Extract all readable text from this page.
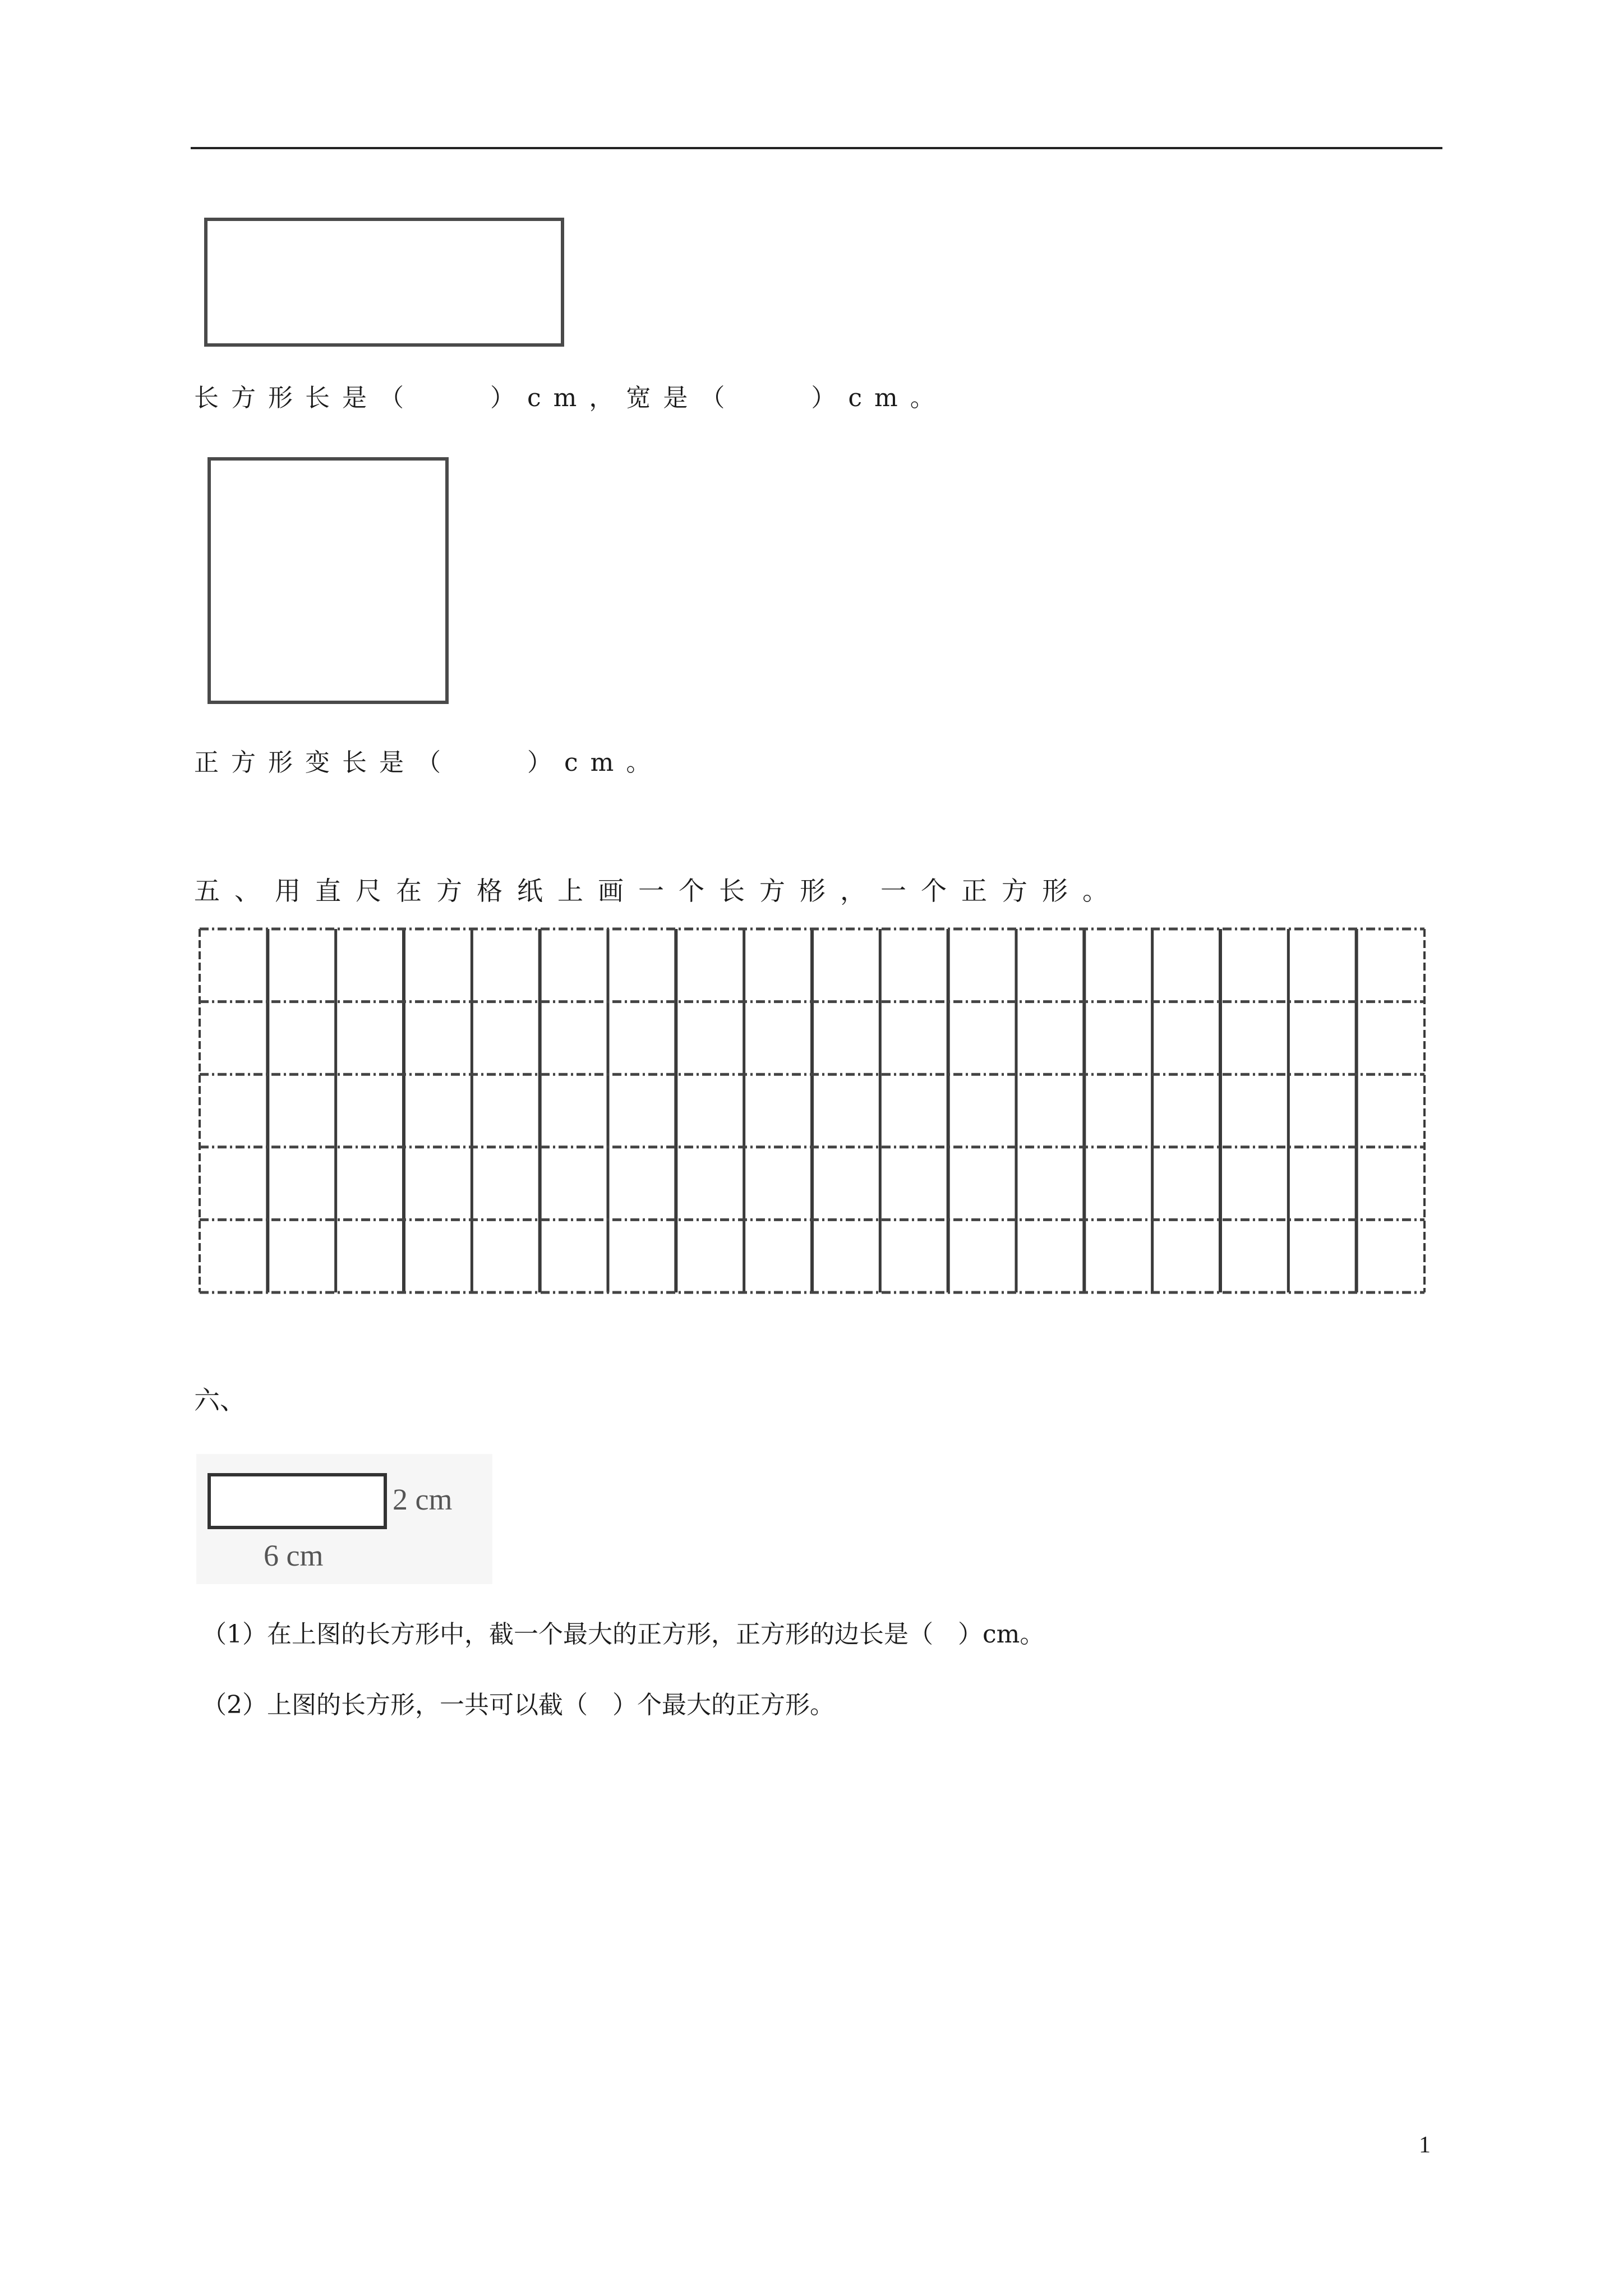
长方形长是（　　）cm，宽是（　　）cm。
正方形变长是（　　）cm。
五、用直尺在方格纸上画一个长方形，一个正方形。
六、
2 cm
6 cm
（1）在上图的长方形中，截一个最大的正方形，正方形的边长是（　）cm。
（2）上图的长方形，一共可以截（　）个最大的正方形。
1
